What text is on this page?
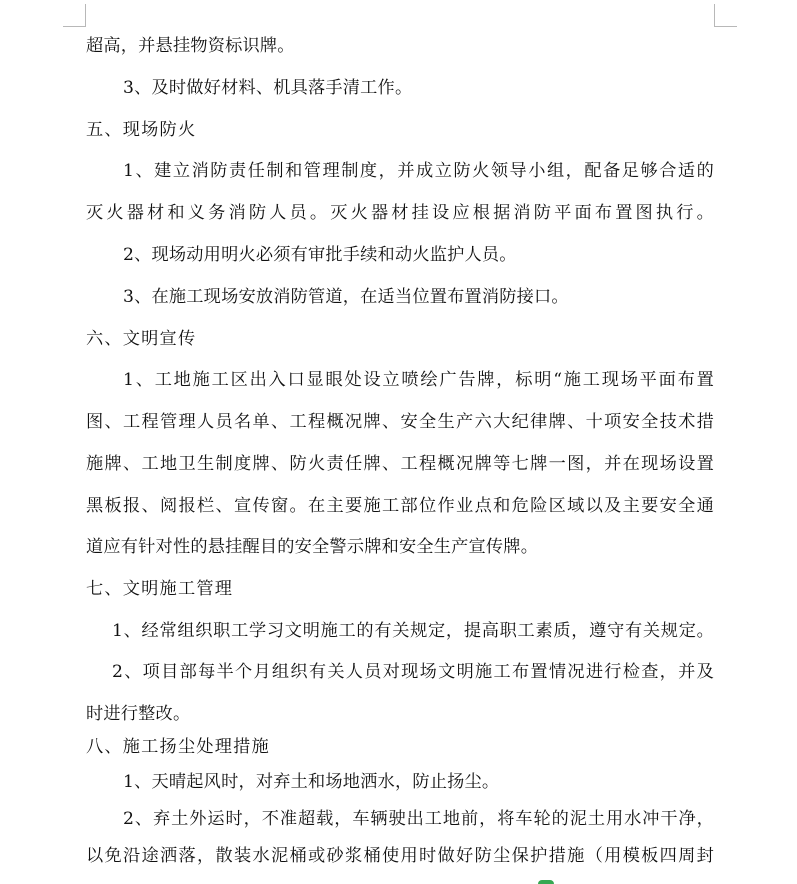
超高，并悬挂物资标识牌。
3、及时做好材料、机具落手清工作。
五、现场防火
1、建立消防责任制和管理制度，并成立防火领导小组，配备足够合适的
灭火器材和义务消防人员。灭火器材挂设应根据消防平面布置图执行。
2、现场动用明火必须有审批手续和动火监护人员。
3、在施工现场安放消防管道，在适当位置布置消防接口。
六、文明宣传
1、工地施工区出入口显眼处设立喷绘广告牌，标明“施工现场平面布置
图、工程管理人员名单、工程概况牌、安全生产六大纪律牌、十项安全技术措
施牌、工地卫生制度牌、防火责任牌、工程概况牌等七牌一图，并在现场设置
黑板报、阅报栏、宣传窗。在主要施工部位作业点和危险区域以及主要安全通
道应有针对性的悬挂醒目的安全警示牌和安全生产宣传牌。
七、文明施工管理
1、经常组织职工学习文明施工的有关规定，提高职工素质，遵守有关规定。
2、项目部每半个月组织有关人员对现场文明施工布置情况进行检查，并及
时进行整改。
八、施工扬尘处理措施
1、天晴起风时，对弃土和场地洒水，防止扬尘。
2、弃土外运时，不准超载，车辆驶出工地前，将车轮的泥土用水冲干净，
以免沿途洒落，散装水泥桶或砂浆桶使用时做好防尘保护措施（用模板四周封
